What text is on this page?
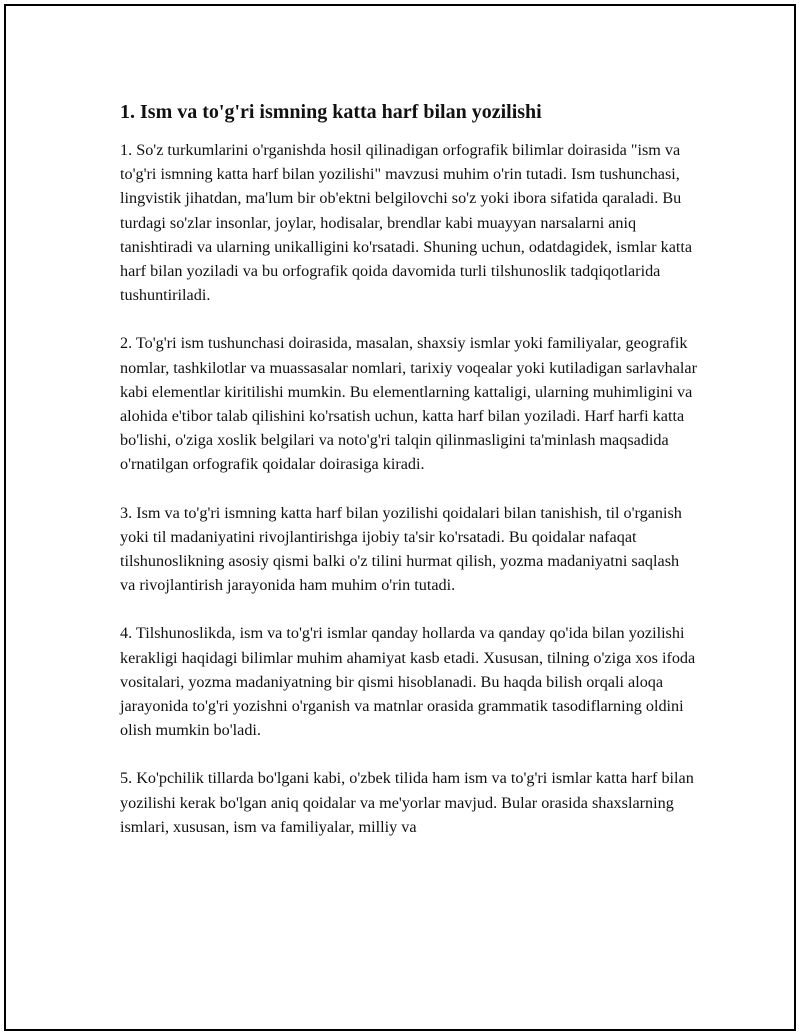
1. Ism va to'g'ri ismning katta harf bilan yozilishi

1. So'z turkumlarini o'rganishda hosil qilinadigan orfografik bilimlar doirasida "ism va to'g'ri ismning katta harf bilan yozilishi" mavzusi muhim o'rin tutadi. Ism tushunchasi, lingvistik jihatdan, ma'lum bir ob'ektni belgilovchi so'z yoki ibora sifatida qaraladi. Bu turdagi so'zlar insonlar, joylar, hodisalar, brendlar kabi muayyan narsalarni aniq tanishtiradi va ularning unikalligini ko'rsatadi. Shuning uchun, odatdagidek, ismlar katta harf bilan yoziladi va bu orfografik qoida davomida turli tilshunoslik tadqiqotlarida tushuntiriladi.

2. To'g'ri ism tushunchasi doirasida, masalan, shaxsiy ismlar yoki familiyalar, geografik nomlar, tashkilotlar va muassasalar nomlari, tarixiy voqealar yoki kutiladigan sarlavhalar kabi elementlar kiritilishi mumkin. Bu elementlarning kattaligi, ularning muhimligini va alohida e'tibor talab qilishini ko'rsatish uchun, katta harf bilan yoziladi. Harf harfi katta bo'lishi, o'ziga xoslik belgilari va noto'g'ri talqin qilinmasligini ta'minlash maqsadida o'rnatilgan orfografik qoidalar doirasiga kiradi.

3. Ism va to'g'ri ismning katta harf bilan yozilishi qoidalari bilan tanishish, til o'rganish yoki til madaniyatini rivojlantirishga ijobiy ta'sir ko'rsatadi. Bu qoidalar nafaqat tilshunoslikning asosiy qismi balki o'z tilini hurmat qilish, yozma madaniyatni saqlash va rivojlantirish jarayonida ham muhim o'rin tutadi.

4. Tilshunoslikda, ism va to'g'ri ismlar qanday hollarda va qanday qo'ida bilan yozilishi kerakligi haqidagi bilimlar muhim ahamiyat kasb etadi. Xususan, tilning o'ziga xos ifoda vositalari, yozma madaniyatning bir qismi hisoblanadi. Bu haqda bilish orqali aloqa jarayonida to'g'ri yozishni o'rganish va matnlar orasida grammatik tasodiflarning oldini olish mumkin bo'ladi.

5. Ko'pchilik tillarda bo'lgani kabi, o'zbek tilida ham ism va to'g'ri ismlar katta harf bilan yozilishi kerak bo'lgan aniq qoidalar va me'yorlar mavjud. Bular orasida shaxslarning ismlari, xususan, ism va familiyalar, milliy va
